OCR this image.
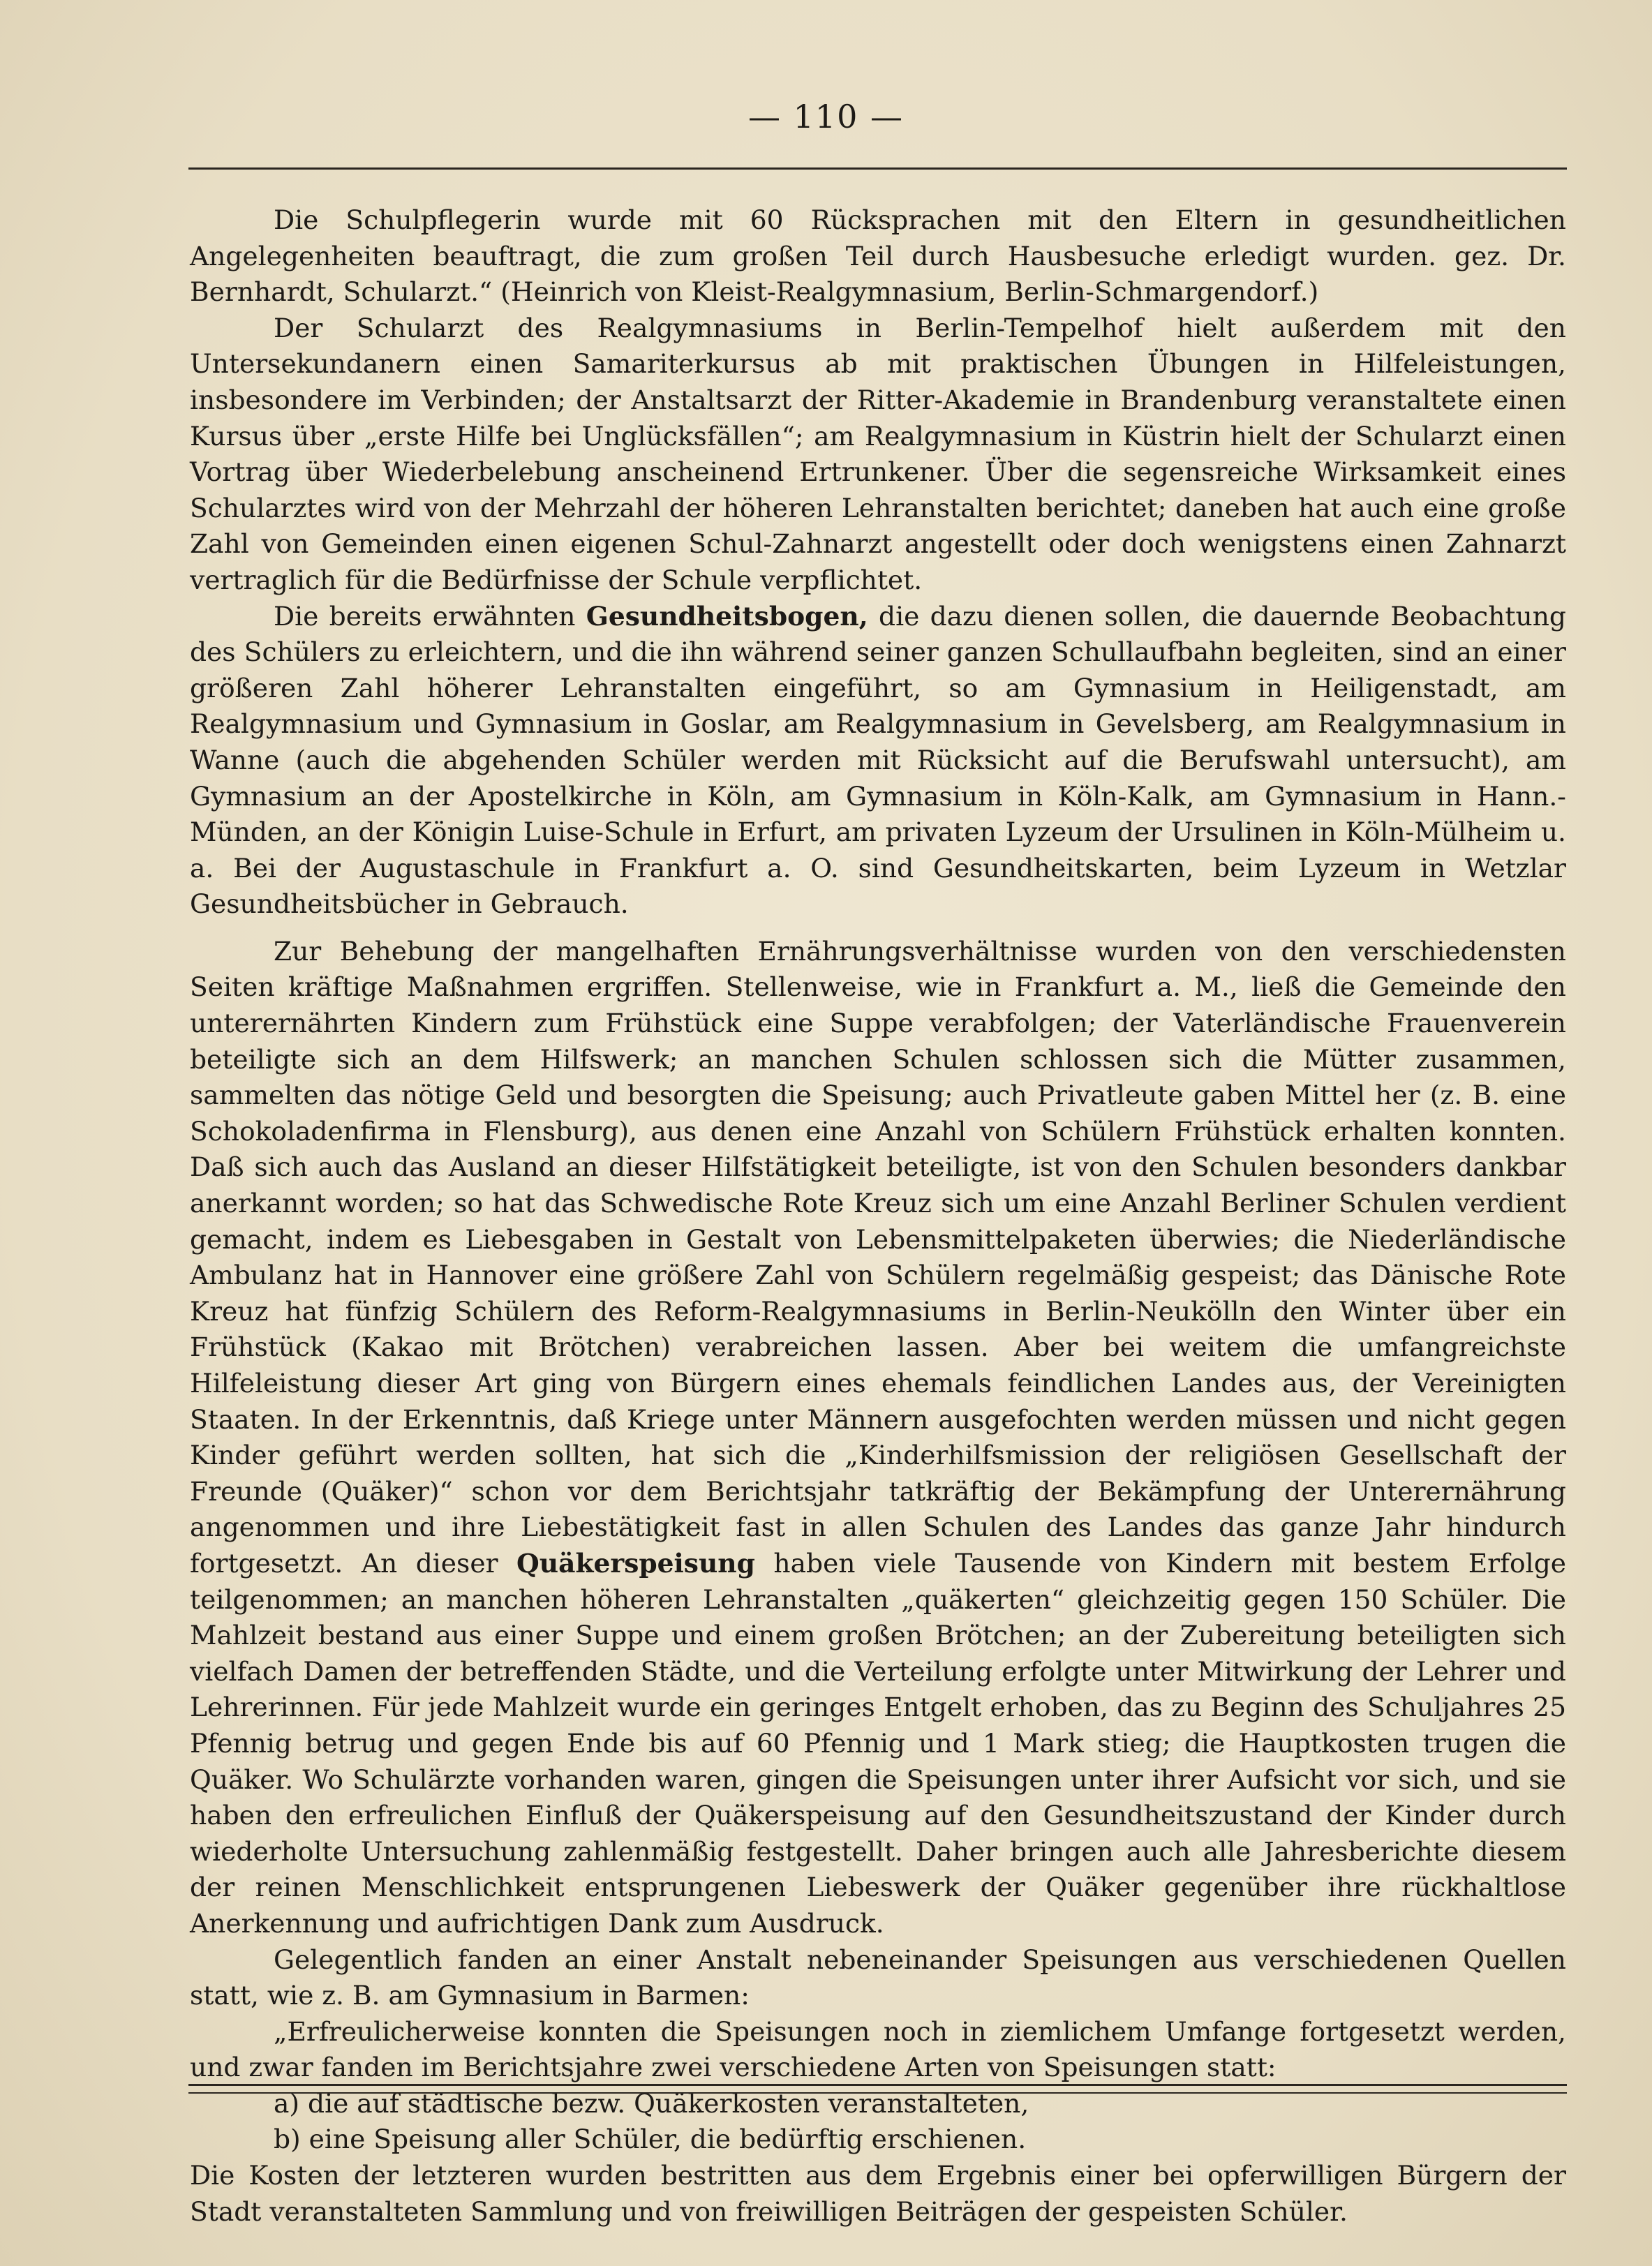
— 110 —

Die Schulpflegerin wurde mit 60 Rücksprachen mit den Eltern in gesundheitlichen Angelegenheiten beauftragt, die zum großen Teil durch Hausbesuche erledigt wurden. gez. Dr. Bernhardt, Schularzt.“ (Heinrich von Kleist-Realgymnasium, Berlin-Schmargendorf.)

Der Schularzt des Realgymnasiums in Berlin-Tempelhof hielt außerdem mit den Untersekundanern einen Samariterkursus ab mit praktischen Übungen in Hilfeleistungen, insbesondere im Verbinden; der Anstaltsarzt der Ritter-Akademie in Brandenburg veranstaltete einen Kursus über „erste Hilfe bei Unglücksfällen“; am Realgymnasium in Küstrin hielt der Schularzt einen Vortrag über Wiederbelebung anscheinend Ertrunkener. Über die segensreiche Wirksamkeit eines Schularztes wird von der Mehrzahl der höheren Lehranstalten berichtet; daneben hat auch eine große Zahl von Gemeinden einen eigenen Schul-Zahnarzt angestellt oder doch wenigstens einen Zahnarzt vertraglich für die Bedürfnisse der Schule verpflichtet.

Die bereits erwähnten Gesundheitsbogen, die dazu dienen sollen, die dauernde Beobachtung des Schülers zu erleichtern, und die ihn während seiner ganzen Schullaufbahn begleiten, sind an einer größeren Zahl höherer Lehranstalten eingeführt, so am Gymnasium in Heiligenstadt, am Realgymnasium und Gymnasium in Goslar, am Realgymnasium in Gevelsberg, am Realgymnasium in Wanne (auch die abgehenden Schüler werden mit Rücksicht auf die Berufswahl untersucht), am Gymnasium an der Apostelkirche in Köln, am Gymnasium in Köln-Kalk, am Gymnasium in Hann.-Münden, an der Königin Luise-Schule in Erfurt, am privaten Lyzeum der Ursulinen in Köln-Mülheim u. a. Bei der Augustaschule in Frankfurt a. O. sind Gesundheitskarten, beim Lyzeum in Wetzlar Gesundheitsbücher in Gebrauch.

Zur Behebung der mangelhaften Ernährungsverhältnisse wurden von den verschiedensten Seiten kräftige Maßnahmen ergriffen. Stellenweise, wie in Frankfurt a. M., ließ die Gemeinde den unterernährten Kindern zum Frühstück eine Suppe verabfolgen; der Vaterländische Frauenverein beteiligte sich an dem Hilfswerk; an manchen Schulen schlossen sich die Mütter zusammen, sammelten das nötige Geld und besorgten die Speisung; auch Privatleute gaben Mittel her (z. B. eine Schokoladenfirma in Flensburg), aus denen eine Anzahl von Schülern Frühstück erhalten konnten. Daß sich auch das Ausland an dieser Hilfstätigkeit beteiligte, ist von den Schulen besonders dankbar anerkannt worden; so hat das Schwedische Rote Kreuz sich um eine Anzahl Berliner Schulen verdient gemacht, indem es Liebesgaben in Gestalt von Lebensmittelpaketen überwies; die Niederländische Ambulanz hat in Hannover eine größere Zahl von Schülern regelmäßig gespeist; das Dänische Rote Kreuz hat fünfzig Schülern des Reform-Realgymnasiums in Berlin-Neukölln den Winter über ein Frühstück (Kakao mit Brötchen) verabreichen lassen. Aber bei weitem die umfangreichste Hilfeleistung dieser Art ging von Bürgern eines ehemals feindlichen Landes aus, der Vereinigten Staaten. In der Erkenntnis, daß Kriege unter Männern ausgefochten werden müssen und nicht gegen Kinder geführt werden sollten, hat sich die „Kinderhilfsmission der religiösen Gesellschaft der Freunde (Quäker)“ schon vor dem Berichtsjahr tatkräftig der Bekämpfung der Unterernährung angenommen und ihre Liebestätigkeit fast in allen Schulen des Landes das ganze Jahr hindurch fortgesetzt. An dieser Quäkerspeisung haben viele Tausende von Kindern mit bestem Erfolge teilgenommen; an manchen höheren Lehranstalten „quäkerten“ gleichzeitig gegen 150 Schüler. Die Mahlzeit bestand aus einer Suppe und einem großen Brötchen; an der Zubereitung beteiligten sich vielfach Damen der betreffenden Städte, und die Verteilung erfolgte unter Mitwirkung der Lehrer und Lehrerinnen. Für jede Mahlzeit wurde ein geringes Entgelt erhoben, das zu Beginn des Schuljahres 25 Pfennig betrug und gegen Ende bis auf 60 Pfennig und 1 Mark stieg; die Hauptkosten trugen die Quäker. Wo Schulärzte vorhanden waren, gingen die Speisungen unter ihrer Aufsicht vor sich, und sie haben den erfreulichen Einfluß der Quäkerspeisung auf den Gesundheitszustand der Kinder durch wiederholte Untersuchung zahlenmäßig festgestellt. Daher bringen auch alle Jahresberichte diesem der reinen Menschlichkeit entsprungenen Liebeswerk der Quäker gegenüber ihre rückhaltlose Anerkennung und aufrichtigen Dank zum Ausdruck.

Gelegentlich fanden an einer Anstalt nebeneinander Speisungen aus verschiedenen Quellen statt, wie z. B. am Gymnasium in Barmen:

„Erfreulicherweise konnten die Speisungen noch in ziemlichem Umfange fortgesetzt werden, und zwar fanden im Berichtsjahre zwei verschiedene Arten von Speisungen statt:

a) die auf städtische bezw. Quäkerkosten veranstalteten,

b) eine Speisung aller Schüler, die bedürftig erschienen.

Die Kosten der letzteren wurden bestritten aus dem Ergebnis einer bei opferwilligen Bürgern der Stadt veranstalteten Sammlung und von freiwilligen Beiträgen der gespeisten Schüler.
